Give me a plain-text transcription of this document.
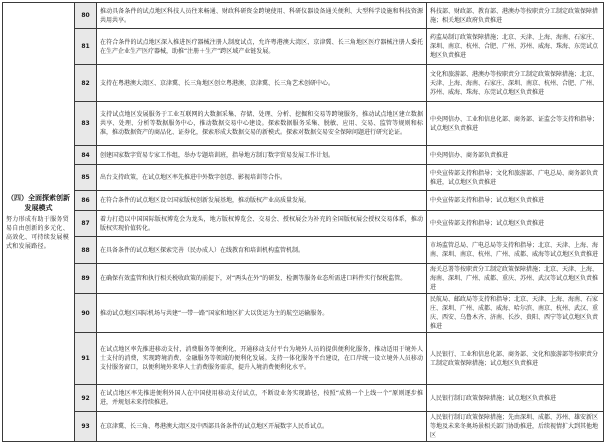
（四）全面探索创新发展模式
努力形成有助于服务贸易自由创新的多元化、高效化、可持续发展模式和发展路径。	80	推动具备条件的试点地区科技人员往来畅通、财政科研资金跨境使用、科研仪器设备通关便利、大型科学设施和科技资源共用共享。	科技部、财政部、教育部、港澳办等按职责分工制定政策保障措施；相关地区政府负责推进
	81	在符合条件的试点地区深入推进医疗器械注册人制度试点，允许粤港澳大湾区、京津冀、长三角地区医疗器械注册人委托在生产企业生产医疗器械，助推“注册＋生产”跨区域产业链发展。	药监局制订政策保障措施；北京、天津、上海、海南、石家庄、深圳、南京、杭州、合肥、广州、苏州、威海、珠海、东莞试点地区负责推进
	82	支持在粤港澳大湾区、京津冀、长三角地区创立粤港澳、京津冀、长三角艺术创研中心。	文化和旅游部、港澳办等按职责分工制定政策保障措施；北京、天津、上海、海南、石家庄、深圳、南京、杭州、合肥、广州、苏州、威海、珠海、东莞试点地区负责推进
	83	支持试点地区发展服务于工业互联网的大数据采集、存储、处理、分析、挖掘和交易等跨境服务，推动试点地区建立数据共享、处理、分析等数据服务中心，推动数据交易中心建设。探索数据服务采集、脱敏、应用、交易、监管等规则和标准，推动数据资产的商品化、证券化，探索形成大数据交易的新模式。探索对数据交易安全保障问题进行研究论证。	中央网信办、工业和信息化部、商务部、证监会等支持和指导；试点地区负责推进
	84	创建国家数字贸易专家工作组，举办专题培训班，指导地方制订数字贸易发展工作计划。	中央网信办、商务部负责推进
	85	出台支持政策，在试点地区率先推进中外数字创意、影视培训等合作。	中央宣传部支持和指导；文化和旅游部、广电总局、商务部负责推进，试点地区负责推进
	86	在符合条件的试点地区设立国家版权创新发展基地，推动版权产业高质量发展。	中央宣传部支持和指导；试点地区负责推进
	87	着力打造以中国国际版权博览会为龙头，地方版权博览会、交易会、授权展会为补充的全国版权展会授权交易体系，推动版权实现价值转化。	中央宣传部支持和指导；试点地区负责推进
	88	在具备条件的试点地区探索完善（民办成人）在线教育和培训机构监管机制。	市场监管总局、广电总局等支持和指导；北京、天津、上海、海南、深圳、南京、杭州、广州、成都、威海等试点地区负责推进
	89	在确保有效监管和执行相关税收政策的前提下，对“两头在外”的研发、检测等服务业态所需进口料件实行保税监管。	海关总署等按职责分工制定政策保障措施；北京、天津、上海、海南、深圳、广州、成都、重庆、苏州、武汉等试点地区负责推进
	90	推动试点地区国际机场与共建“一带一路”国家和地区扩大以货运为主的航空运输服务。	民航局、邮政局等支持和指导；北京、天津、上海、海南、石家庄、深圳、广州、成都、威海、哈尔滨、南京、杭州、武汉、重庆、西安、乌鲁木齐、济南、长沙、贵阳、西宁等试点地区负责推进
	91	在试点地区率先推进移动支付，消费服务等便利化，开通移动支付平台为境外人员的提供便利化服务，推动适用于境外人士支付的消费，实现跨境消费、金融服务等领域的便利化发展。支持一体化服务平台建设，在口岸统一设立境外人员移动支付服务窗口，以便利境外来华人士消费服务需求，提升入境消费便利化水平。	人民银行、工业和信息化部、商务部、文化和旅游部等按职责分工制定政策保障措施；试点地区负责推进
	92	在试点地区率先推进便利外国人在中国使用移动支付试点，不断设业务实现路径，按照“成熟一个上线一个”原则逐步推进，并规划未来持续推进。	人民银行制订政策保障措施；试点地区负责推进
	93	在京津冀、长三角、粤港澳大湾区及中西部具备条件的试点地区开展数字人民币试点。	人民银行制订政策保障措施；先由深圳、成都、苏州、雄安新区等地及未来冬奥场景相关部门协助推进，后续视情扩大到其他地区
